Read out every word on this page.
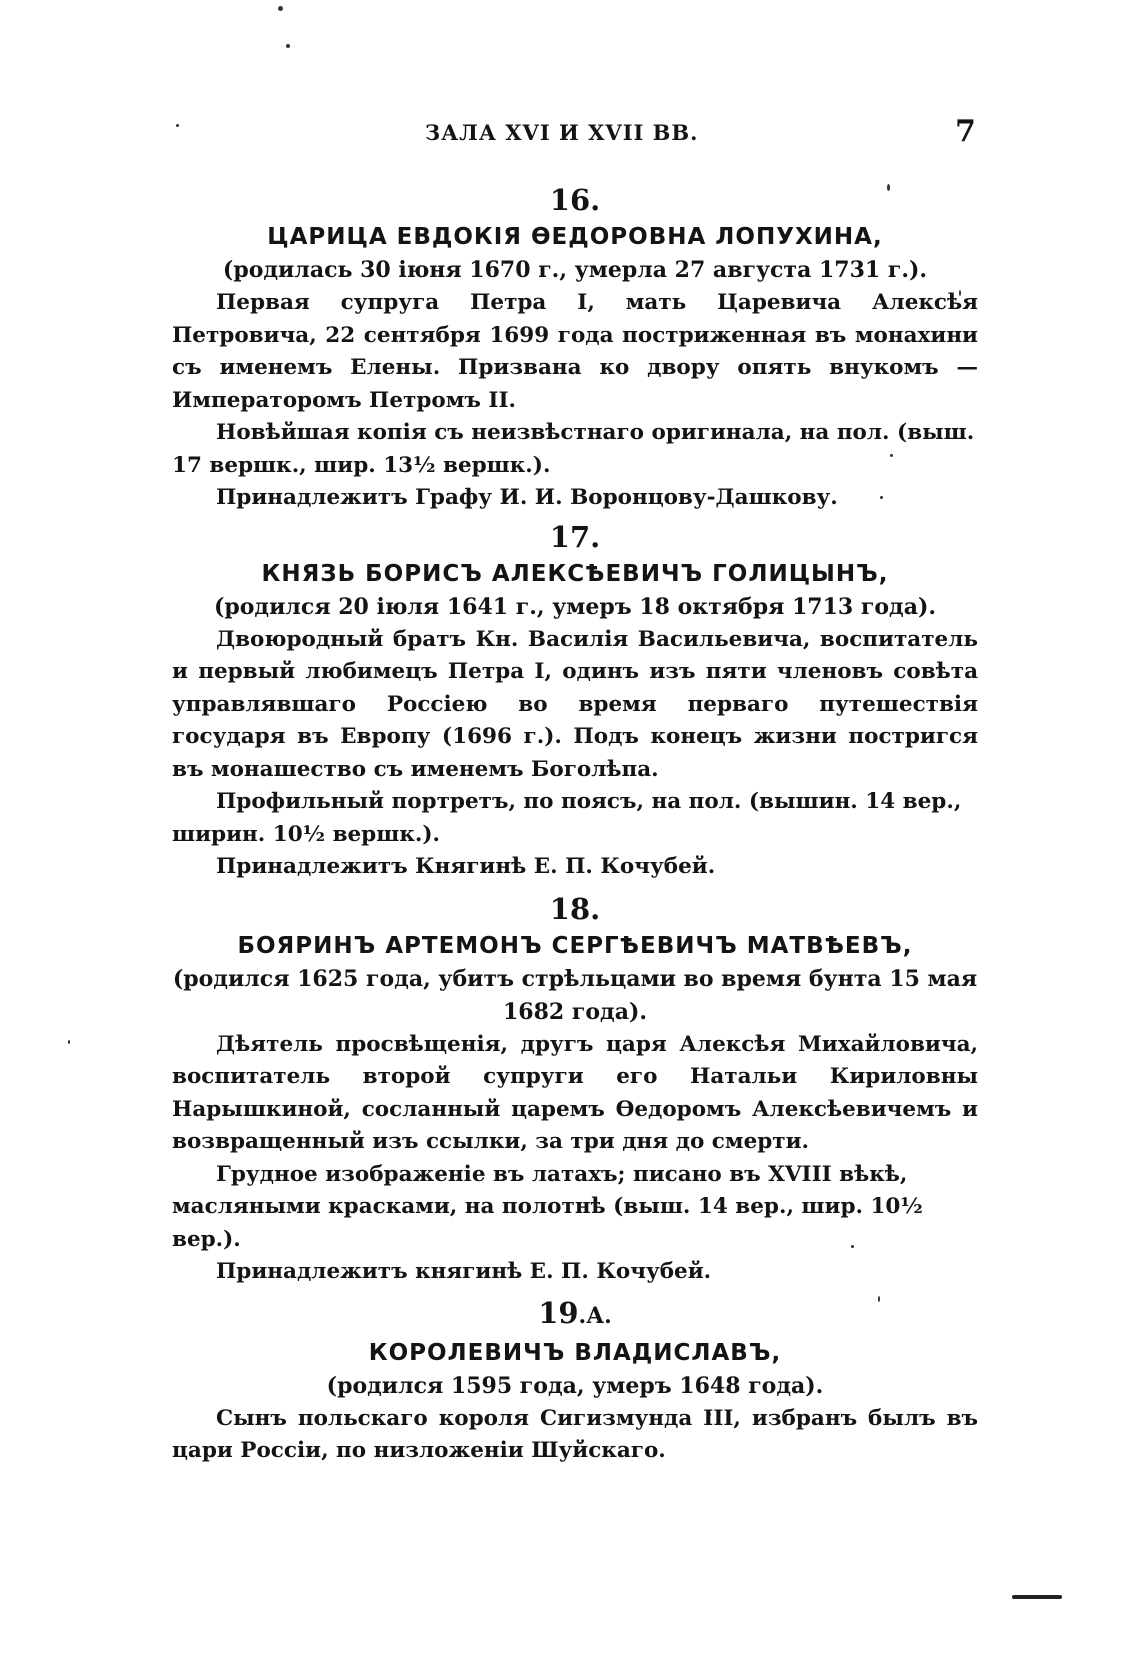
ЗАЛА XVI И XVII ВВ.	7

16.

ЦАРИЦА ЕВДОКІЯ ѲЕДОРОВНА ЛОПУХИНА,

(родилась 30 іюня 1670 г., умерла 27 августа 1731 г.).

Первая супруга Петра I, мать Царевича Алексѣя Петровича, 22 сентября 1699 года постриженная въ монахини съ именемъ Елены. Призвана ко двору опять внукомъ — Императоромъ Петромъ II.

Новѣйшая копія съ неизвѣстнаго оригинала, на пол. (выш. 17 вершк., шир. 13½ вершк.).

Принадлежитъ Графу И. И. Воронцову-Дашкову.

17.

КНЯЗЬ БОРИСЪ АЛЕКСѢЕВИЧЪ ГОЛИЦЫНЪ,

(родился 20 іюля 1641 г., умеръ 18 октября 1713 года).

Двоюродный братъ Кн. Василія Васильевича, воспитатель и первый любимецъ Петра I, одинъ изъ пяти членовъ совѣта управлявшаго Россіею во время перваго путешествія государя въ Европу (1696 г.). Подъ конецъ жизни постригся въ монашество съ именемъ Боголѣпа.

Профильный портретъ, по поясъ, на пол. (вышин. 14 вер., ширин. 10½ вершк.).

Принадлежитъ Княгинѣ Е. П. Кочубей.

18.

БОЯРИНЪ АРТЕМОНЪ СЕРГѢЕВИЧЪ МАТВѢЕВЪ,

(родился 1625 года, убитъ стрѣльцами во время бунта 15 мая 1682 года).

Дѣятель просвѣщенія, другъ царя Алексѣя Михайловича, воспитатель второй супруги его Натальи Кириловны Нарышкиной, сосланный царемъ Ѳедоромъ Алексѣевичемъ и возвращенный изъ ссылки, за три дня до смерти.

Грудное изображеніе въ латахъ; писано въ XVIII вѣкѣ, масляными красками, на полотнѣ (выш. 14 вер., шир. 10½ вер.).

Принадлежитъ княгинѣ Е. П. Кочубей.

19.А.

КОРОЛЕВИЧЪ ВЛАДИСЛАВЪ,

(родился 1595 года, умеръ 1648 года).

Сынъ польскаго короля Сигизмунда III, избранъ былъ въ цари Россіи, по низложеніи Шуйскаго.
